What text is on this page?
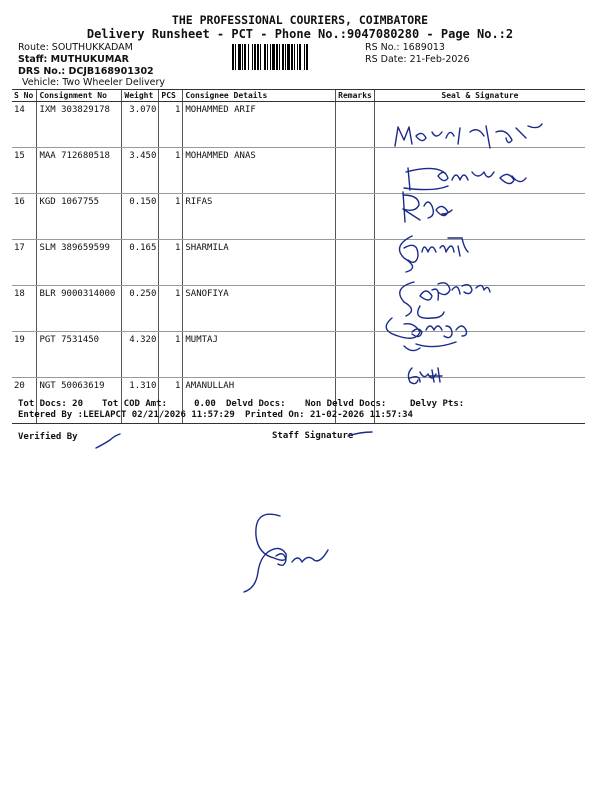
THE PROFESSIONAL COURIERS, COIMBATORE
Delivery Runsheet - PCT - Phone No.:9047080280 - Page No.:2
Route: SOUTHUKKADAM
Staff: MUTHUKUMAR
DRS No.: DCJB168901302
Vehicle: Two Wheeler Delivery
RS No.: 1689013
RS Date: 21-Feb-2026
S No	Consignment No	Weight	PCS	Consignee Details	Remarks	Seal & Signature
14	IXM 303829178	3.070	1	MOHAMMED ARIF		
15	MAA 712680518	3.450	1	MOHAMMED ANAS		
16	KGD 1067755	0.150	1	RIFAS		
17	SLM 389659599	0.165	1	SHARMILA		
18	BLR 9000314000	0.250	1	SANOFIYA		
19	PGT 7531450	4.320	1	MUMTAJ		
20	NGT 50063619	1.310	1	AMANULLAH		
Tot Docs: 20 Tot COD Amt:     0.00 Delvd Docs: Non Delvd Docs:	Delvy Pts:
Entered By :LEELAPCT 02/21/2026 11:57:29 Printed On: 21-02-2026 11:57:34
Verified By	Staff Signature
